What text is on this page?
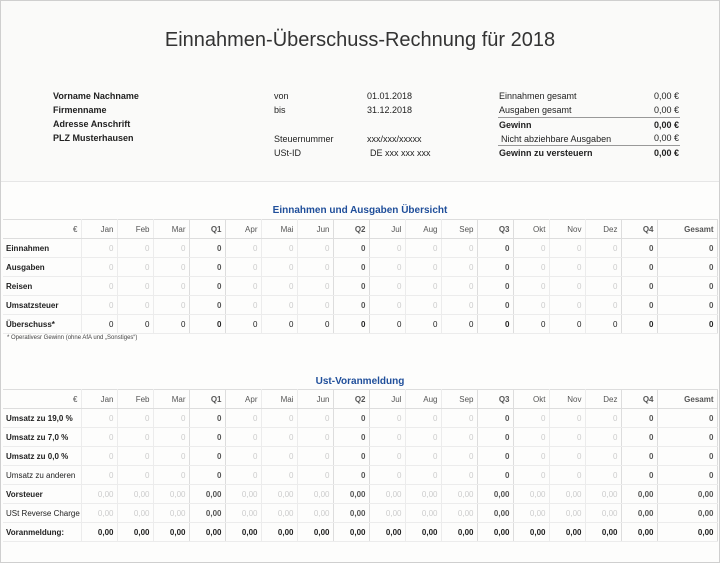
Einnahmen-Überschuss-Rechnung für 2018
Vorname Nachname
Firmenname
Adresse Anschrift
PLZ Musterhausen
von	01.01.2018
bis	31.12.2018
Steuernummer	xxx/xxx/xxxxx
USt-ID	DE xxx xxx xxx
Einnahmen gesamt	0,00 €
Ausgaben gesamt	0,00 €
Gewinn	0,00 €
Nicht abziehbare Ausgaben	0,00 €
Gewinn zu versteuern	0,00 €
Einnahmen und Ausgaben Übersicht
€	Jan	Feb	Mar	Q1	Apr	Mai	Jun	Q2	Jul	Aug	Sep	Q3	Okt	Nov	Dez	Q4	Gesamt
Einnahmen	0	0	0	0	0	0	0	0	0	0	0	0	0	0	0	0	0
Ausgaben	0	0	0	0	0	0	0	0	0	0	0	0	0	0	0	0	0
Reisen	0	0	0	0	0	0	0	0	0	0	0	0	0	0	0	0	0
Umsatzsteuer	0	0	0	0	0	0	0	0	0	0	0	0	0	0	0	0	0
Überschuss*	0	0	0	0	0	0	0	0	0	0	0	0	0	0	0	0	0
* Operativesr Gewinn (ohne AfA und „Sonstiges“)
Ust-Voranmeldung
€	Jan	Feb	Mar	Q1	Apr	Mai	Jun	Q2	Jul	Aug	Sep	Q3	Okt	Nov	Dez	Q4	Gesamt
Umsatz zu 19,0 %	0	0	0	0	0	0	0	0	0	0	0	0	0	0	0	0	0
Umsatz zu 7,0 %	0	0	0	0	0	0	0	0	0	0	0	0	0	0	0	0	0
Umsatz zu 0,0 %	0	0	0	0	0	0	0	0	0	0	0	0	0	0	0	0	0
Umsatz zu anderen	0	0	0	0	0	0	0	0	0	0	0	0	0	0	0	0	0
Vorsteuer	0,00	0,00	0,00	0,00	0,00	0,00	0,00	0,00	0,00	0,00	0,00	0,00	0,00	0,00	0,00	0,00	0,00
USt Reverse Charge	0,00	0,00	0,00	0,00	0,00	0,00	0,00	0,00	0,00	0,00	0,00	0,00	0,00	0,00	0,00	0,00	0,00
Voranmeldung:	0,00	0,00	0,00	0,00	0,00	0,00	0,00	0,00	0,00	0,00	0,00	0,00	0,00	0,00	0,00	0,00	0,00
